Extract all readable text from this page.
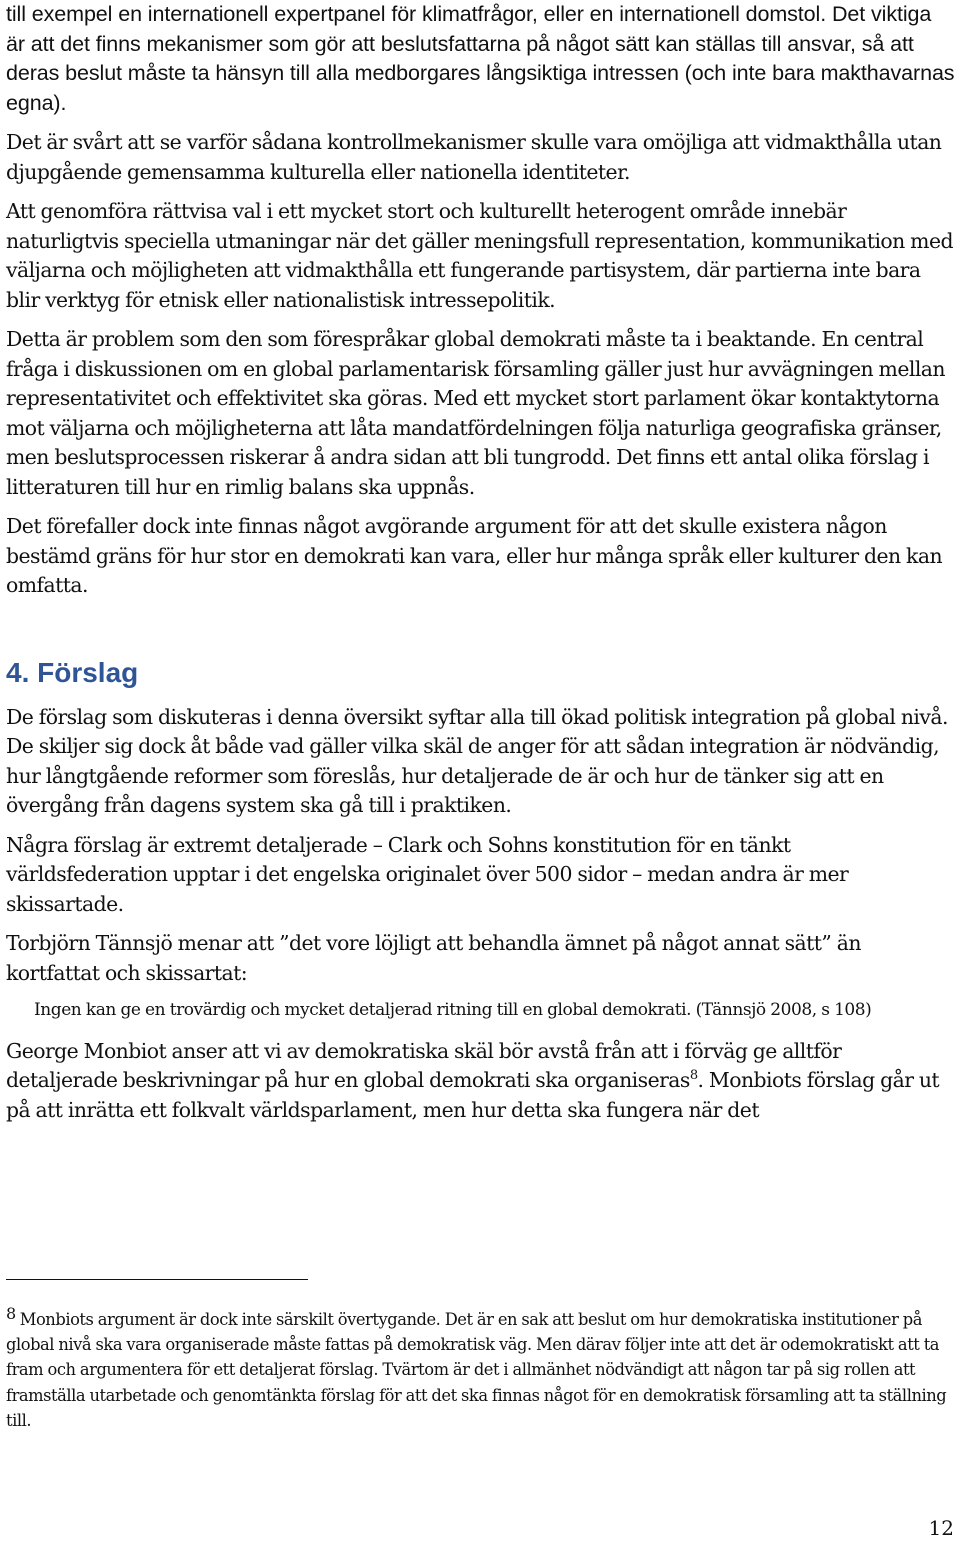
till exempel en internationell expertpanel för klimatfrågor, eller en internationell domstol. Det viktiga är att det finns mekanismer som gör att beslutsfattarna på något sätt kan ställas till ansvar, så att deras beslut måste ta hänsyn till alla medborgares långsiktiga intressen (och inte bara makthavarnas egna).

Det är svårt att se varför sådana kontrollmekanismer skulle vara omöjliga att vidmakthålla utan djupgående gemensamma kulturella eller nationella identiteter.

Att genomföra rättvisa val i ett mycket stort och kulturellt heterogent område innebär naturligtvis speciella utmaningar när det gäller meningsfull representation, kommunikation med väljarna och möjligheten att vidmakthålla ett fungerande partisystem, där partierna inte bara blir verktyg för etnisk eller nationalistisk intressepolitik.

Detta är problem som den som förespråkar global demokrati måste ta i beaktande. En central fråga i diskussionen om en global parlamentarisk församling gäller just hur avvägningen mellan representativitet och effektivitet ska göras. Med ett mycket stort parlament ökar kontaktytorna mot väljarna och möjligheterna att låta mandatfördelningen följa naturliga geografiska gränser, men beslutsprocessen riskerar å andra sidan att bli tungrodd. Det finns ett antal olika förslag i litteraturen till hur en rimlig balans ska uppnås.

Det förefaller dock inte finnas något avgörande argument för att det skulle existera någon bestämd gräns för hur stor en demokrati kan vara, eller hur många språk eller kulturer den kan omfatta.

4. Förslag

De förslag som diskuteras i denna översikt syftar alla till ökad politisk integration på global nivå. De skiljer sig dock åt både vad gäller vilka skäl de anger för att sådan integration är nödvändig, hur långtgående reformer som föreslås, hur detaljerade de är och hur de tänker sig att en övergång från dagens system ska gå till i praktiken.

Några förslag är extremt detaljerade – Clark och Sohns konstitution för en tänkt världsfederation upptar i det engelska originalet över 500 sidor – medan andra är mer skissartade.

Torbjörn Tännsjö menar att ”det vore löjligt att behandla ämnet på något annat sätt” än kortfattat och skissartat:

Ingen kan ge en trovärdig och mycket detaljerad ritning till en global demokrati. (Tännsjö 2008, s 108)

George Monbiot anser att vi av demokratiska skäl bör avstå från att i förväg ge alltför detaljerade beskrivningar på hur en global demokrati ska organiseras$^8$. Monbiots förslag går ut på att inrätta ett folkvalt världsparlament, men hur detta ska fungera när det

8 Monbiots argument är dock inte särskilt övertygande. Det är en sak att beslut om hur demokratiska institutioner på global nivå ska vara organiserade måste fattas på demokratisk väg. Men därav följer inte att det är odemokratiskt att ta fram och argumentera för ett detaljerat förslag. Tvärtom är det i allmänhet nödvändigt att någon tar på sig rollen att framställa utarbetade och genomtänkta förslag för att det ska finnas något för en demokratisk församling att ta ställning till.

12
